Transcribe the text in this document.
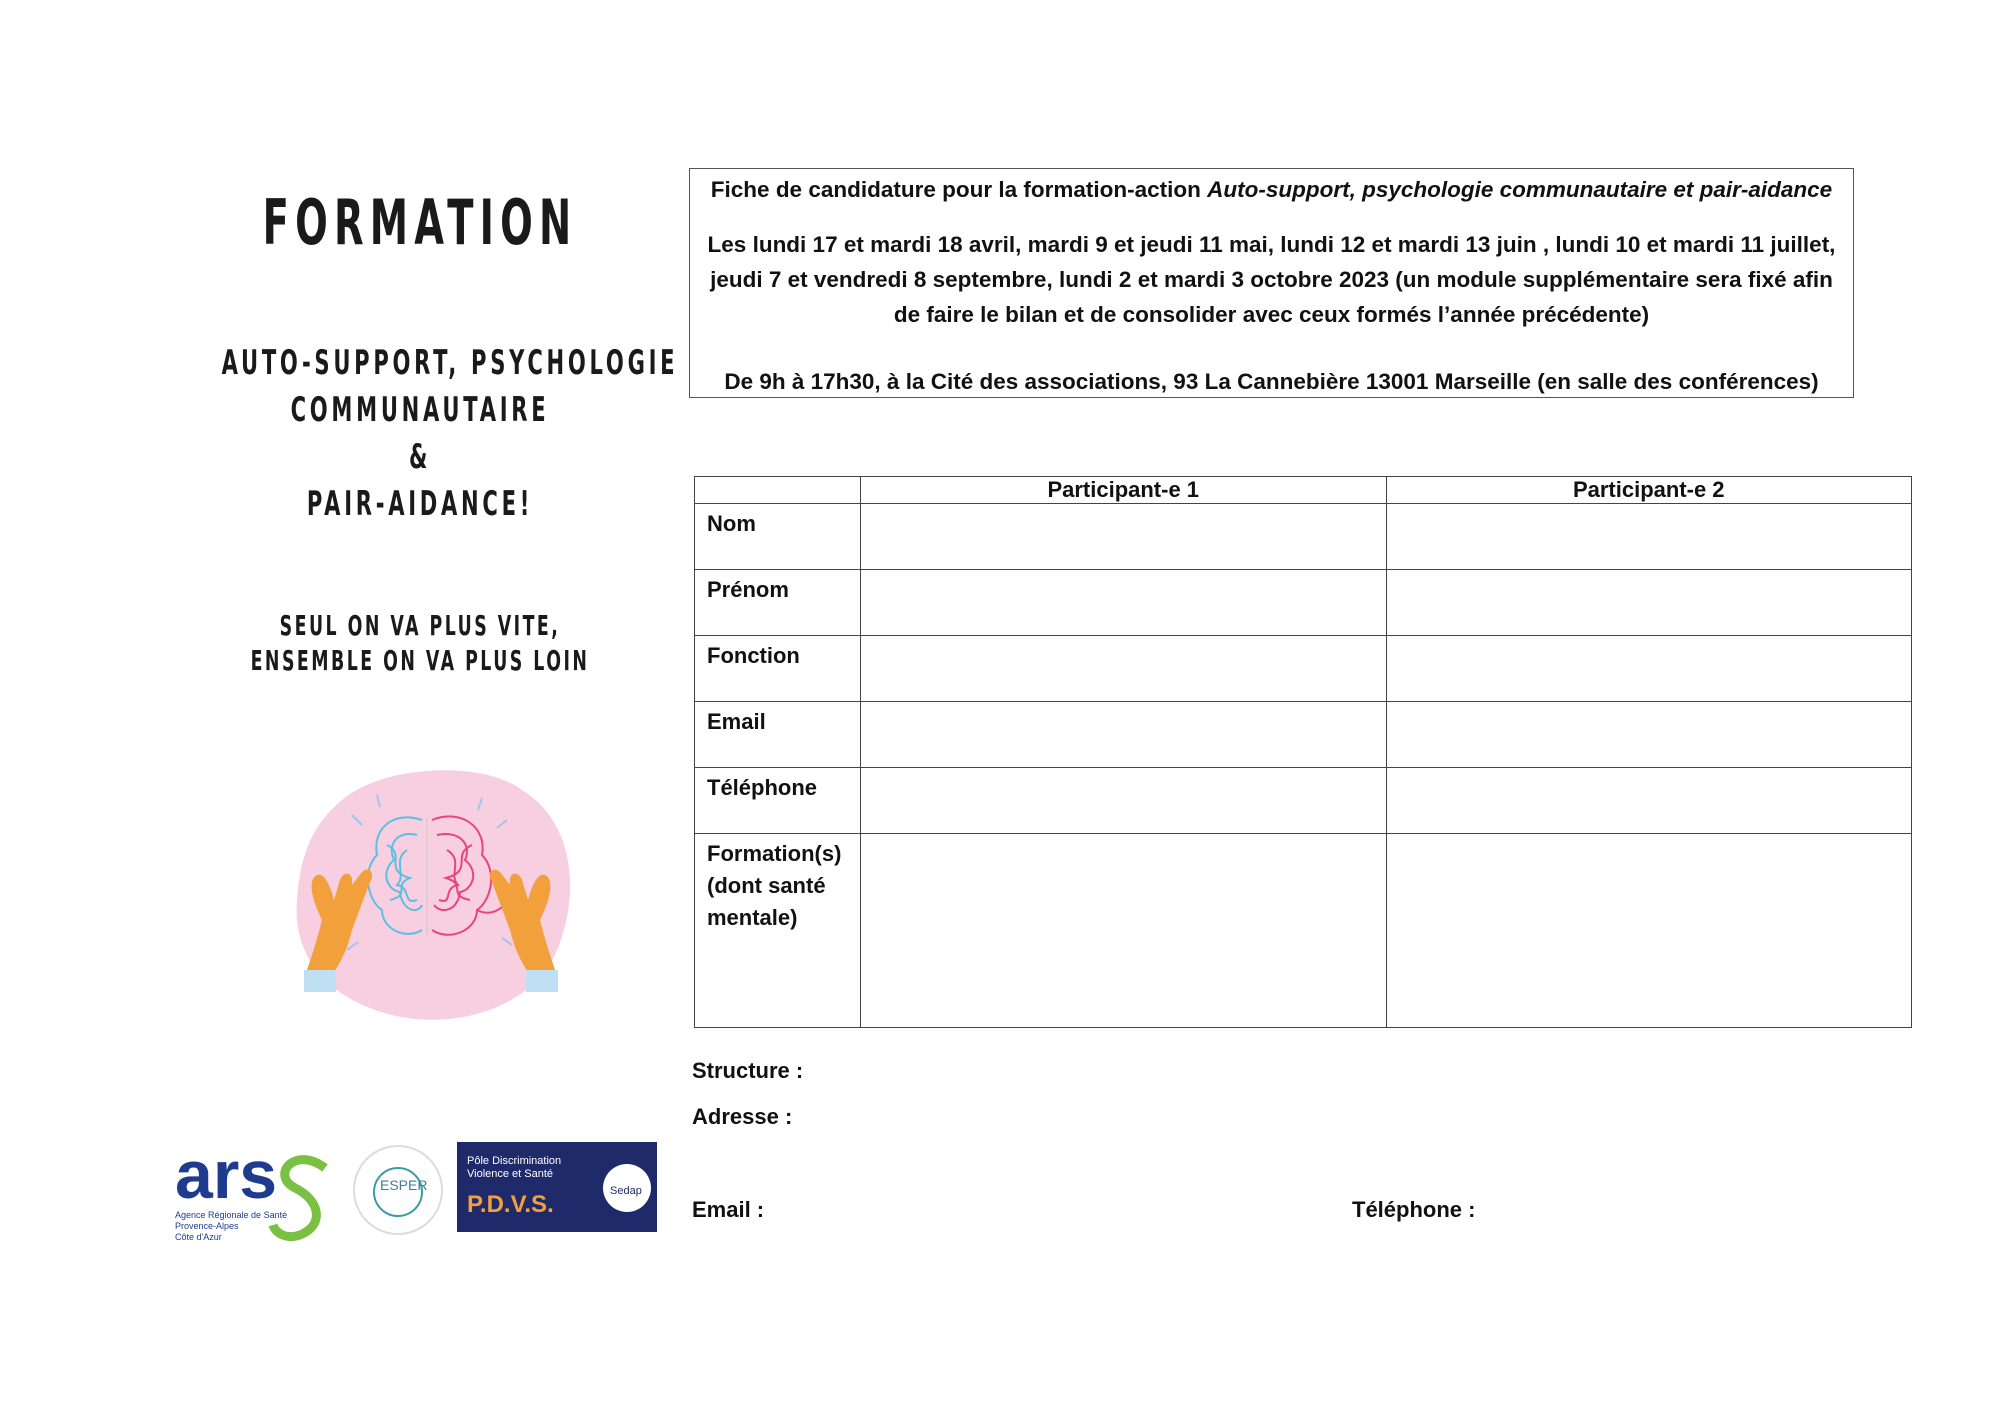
FORMATION
AUTO-SUPPORT, PSYCHOLOGIE
COMMUNAUTAIRE
&
PAIR-AIDANCE!
SEUL ON VA PLUS VITE,
ENSEMBLE ON VA PLUS LOIN
ars
Agence Régionale de Santé
Provence-Alpes
Côte d'Azur
ESPER
Pôle Discrimination
Violence et Santé
P.D.V.S.	Sedap
Fiche de candidature pour la formation-action Auto-support, psychologie communautaire et pair-aidance
Les lundi 17 et mardi 18 avril, mardi 9 et jeudi 11 mai, lundi 12 et mardi 13 juin , lundi 10 et mardi 11 juillet, jeudi 7 et vendredi 8 septembre, lundi 2 et mardi 3 octobre 2023 (un module supplémentaire sera fixé afin de faire le bilan et de consolider avec ceux formés l’année précédente)
De 9h à 17h30, à la Cité des associations, 93 La Cannebière 13001 Marseille (en salle des conférences)
	Participant-e 1	Participant-e 2
Nom		
Prénom		
Fonction		
Email		
Téléphone		
Formation(s) (dont santé mentale)		
Structure :
Adresse :
Email :	Téléphone :
